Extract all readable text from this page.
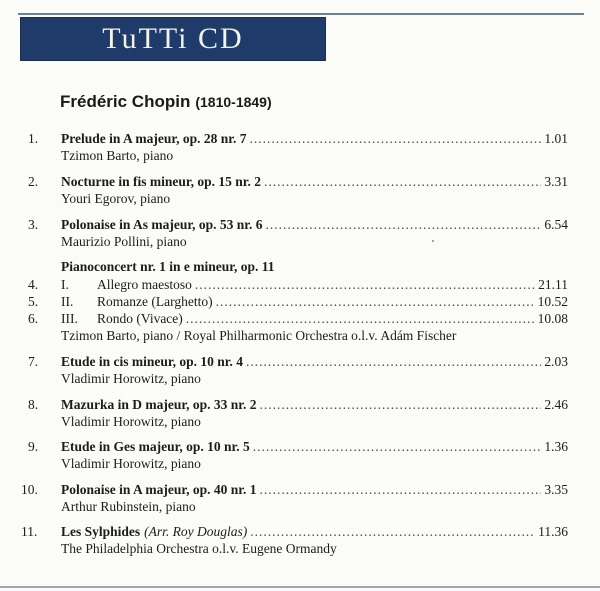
TuTTi CD
Frédéric Chopin (1810-1849)
1. Prelude in A majeur, op. 28 nr. 7 .....	1.01
Tzimon Barto, piano
2. Nocturne in fis mineur, op. 15 nr. 2 .....	3.31
Youri Egorov, piano
3. Polonaise in As majeur, op. 53 nr. 6 .....	6.54
Maurizio Pollini, piano
Pianoconcert nr. 1 in e mineur, op. 11
4. I. Allegro maestoso .....	21.11
5. II. Romanze (Larghetto) .....	10.52
6. III. Rondo (Vivace) .....	10.08
Tzimon Barto, piano / Royal Philharmonic Orchestra o.l.v. Adám Fischer
7. Etude in cis mineur, op. 10 nr. 4 .....	2.03
Vladimir Horowitz, piano
8. Mazurka in D majeur, op. 33 nr. 2 .....	2.46
Vladimir Horowitz, piano
9. Etude in Ges majeur, op. 10 nr. 5 .....	1.36
Vladimir Horowitz, piano
10. Polonaise in A majeur, op. 40 nr. 1 .....	3.35
Arthur Rubinstein, piano
11. Les Sylphides (Arr. Roy Douglas) .....	11.36
The Philadelphia Orchestra o.l.v. Eugene Ormandy
